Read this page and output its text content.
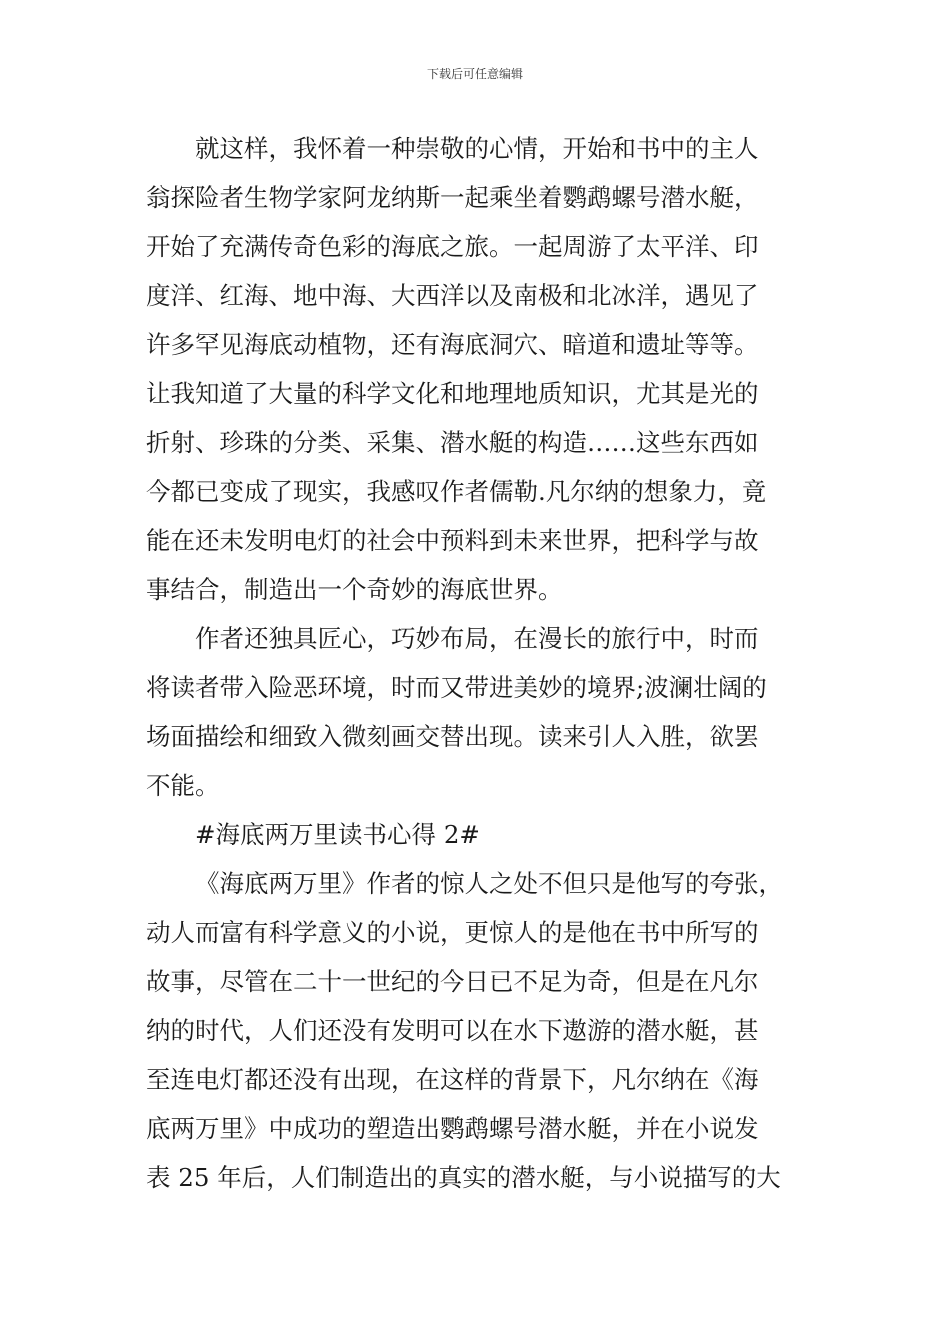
下载后可任意编辑
就这样，我怀着一种崇敬的心情，开始和书中的主人
翁探险者生物学家阿龙纳斯一起乘坐着鹦鹉螺号潜水艇，
开始了充满传奇色彩的海底之旅。一起周游了太平洋、印
度洋、红海、地中海、大西洋以及南极和北冰洋，遇见了
许多罕见海底动植物，还有海底洞穴、暗道和遗址等等。
让我知道了大量的科学文化和地理地质知识，尤其是光的
折射、珍珠的分类、采集、潜水艇的构造……这些东西如
今都已变成了现实，我感叹作者儒勒.凡尔纳的想象力，竟
能在还未发明电灯的社会中预料到未来世界，把科学与故
事结合，制造出一个奇妙的海底世界。
作者还独具匠心，巧妙布局，在漫长的旅行中，时而
将读者带入险恶环境，时而又带进美妙的境界;波澜壮阔的
场面描绘和细致入微刻画交替出现。读来引人入胜，欲罢
不能。
#海底两万里读书心得 2#
《海底两万里》作者的惊人之处不但只是他写的夸张，
动人而富有科学意义的小说，更惊人的是他在书中所写的
故事，尽管在二十一世纪的今日已不足为奇，但是在凡尔
纳的时代，人们还没有发明可以在水下遨游的潜水艇，甚
至连电灯都还没有出现，在这样的背景下，凡尔纳在《海
底两万里》中成功的塑造出鹦鹉螺号潜水艇，并在小说发
表 25 年后，人们制造出的真实的潜水艇，与小说描写的大
